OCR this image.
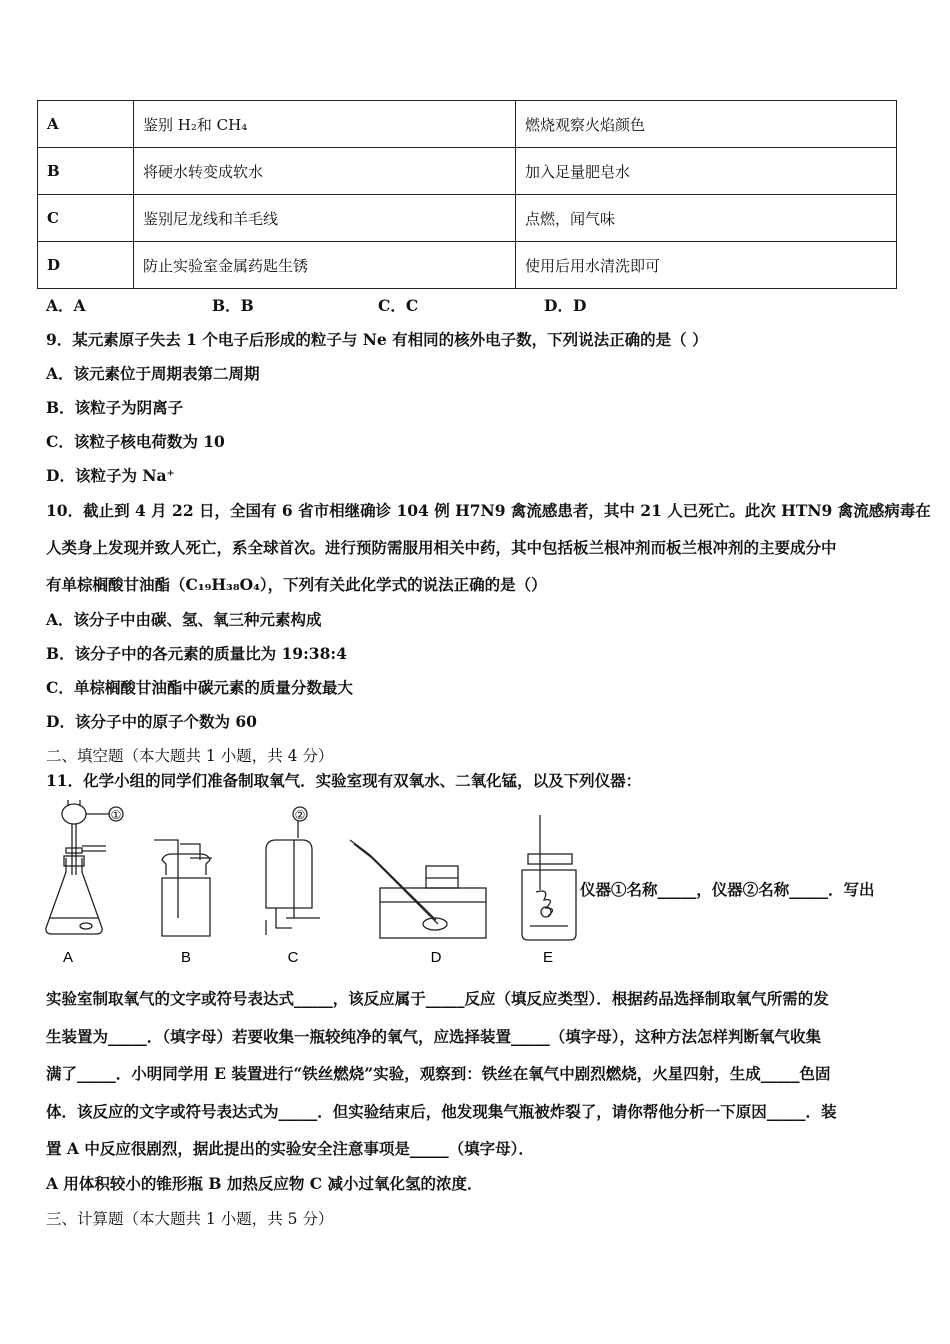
A	鉴别 H₂和 CH₄	燃烧观察火焰颜色
B	将硬水转变成软水	加入足量肥皂水
C	鉴别尼龙线和羊毛线	点燃，闻气味
D	防止实验室金属药匙生锈	使用后用水清洗即可
A．A	B．B	C．C	D．D
9．某元素原子失去 1 个电子后形成的粒子与 Ne 有相同的核外电子数，下列说法正确的是（ ）
A．该元素位于周期表第二周期
B．该粒子为阴离子
C．该粒子核电荷数为 10
D．该粒子为 Na⁺
10．截止到 4 月 22 日，全国有 6 省市相继确诊 104 例 H7N9 禽流感患者，其中 21 人已死亡。此次 HTN9 禽流感病毒在
人类身上发现并致人死亡，系全球首次。进行预防需服用相关中药，其中包括板兰根冲剂而板兰根冲剂的主要成分中
有单棕榈酸甘油酯（C₁₉H₃₈O₄），下列有关此化学式的说法正确的是（）
A．该分子中由碳、氢、氧三种元素构成
B．该分子中的各元素的质量比为 19:38:4
C．单棕榈酸甘油酯中碳元素的质量分数最大
D．该分子中的原子个数为 60
二、填空题（本大题共 1 小题，共 4 分）
11．化学小组的同学们准备制取氧气．实验室现有双氧水、二氧化锰，以及下列仪器：
A	B	C	D	E
①	②
仪器①名称_____，仪器②名称_____．写出
实验室制取氧气的文字或符号表达式_____，该反应属于_____反应（填反应类型）．根据药品选择制取氧气所需的发
生装置为_____．（填字母）若要收集一瓶较纯净的氧气，应选择装置_____（填字母），这种方法怎样判断氧气收集
满了_____．小明同学用 E 装置进行“铁丝燃烧”实验，观察到：铁丝在氧气中剧烈燃烧，火星四射，生成_____色固
体．该反应的文字或符号表达式为_____．但实验结束后，他发现集气瓶被炸裂了，请你帮他分析一下原因_____．装
置 A 中反应很剧烈，据此提出的实验安全注意事项是_____（填字母）．
A 用体积较小的锥形瓶 B 加热反应物 C 减小过氧化氢的浓度．
三、计算题（本大题共 1 小题，共 5 分）
